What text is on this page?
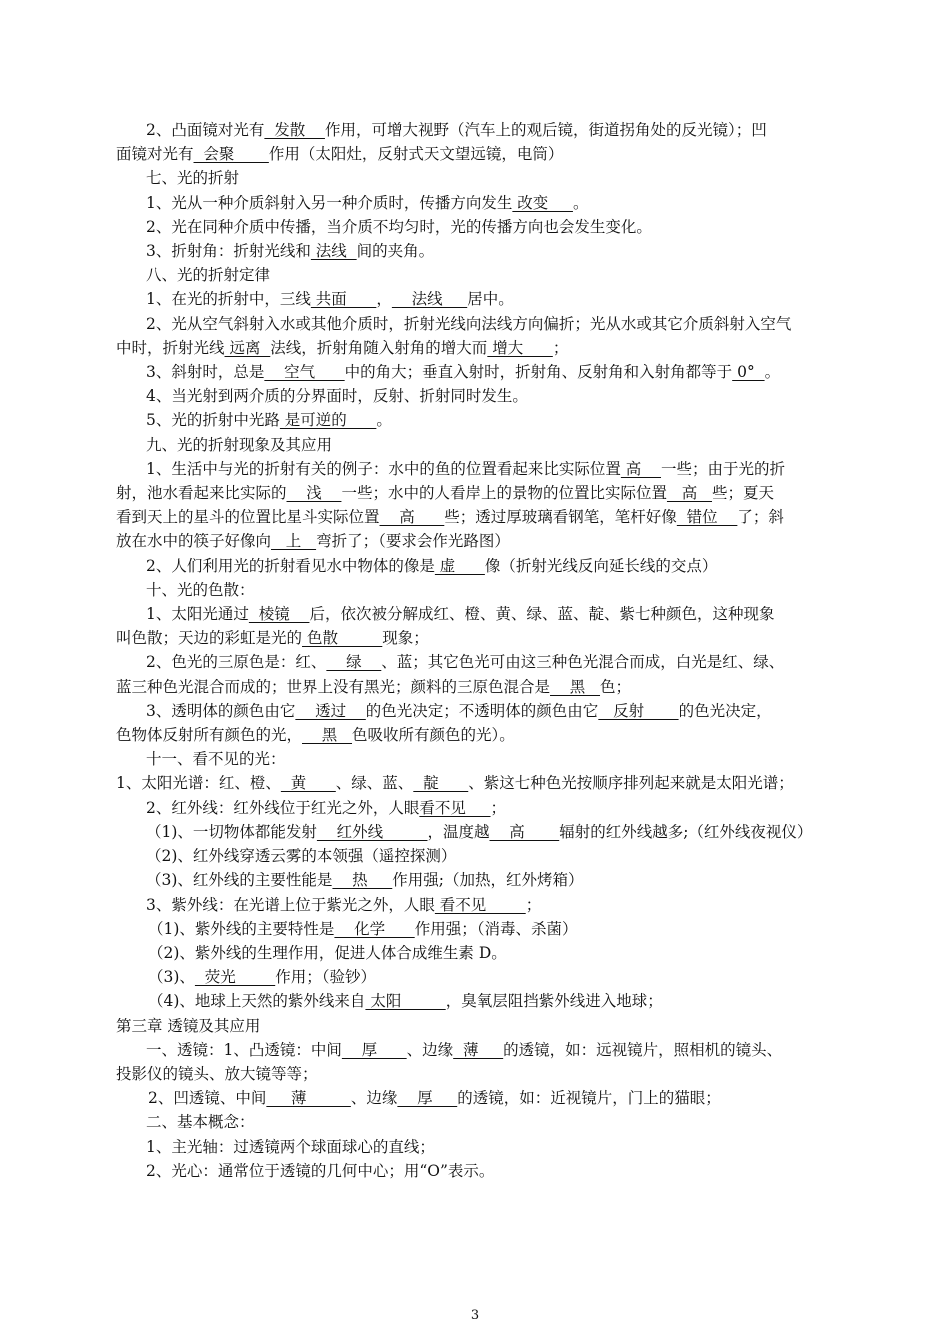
2、凸面镜对光有  发散    作用，可增大视野（汽车上的观后镜，街道拐角处的反光镜）；凹
面镜对光有  会聚       作用（太阳灶，反射式天文望远镜，电筒）
七、光的折射
1、光从一种介质斜射入另一种介质时，传播方向发生 改变     。
2、光在同种介质中传播，当介质不均匀时，光的传播方向也会发生变化。
3、折射角：折射光线和 法线  间的夹角。
八、光的折射定律
1、在光的折射中，三线 共面      ，    法线     居中。
2、光从空气斜射入水或其他介质时，折射光线向法线方向偏折；光从水或其它介质斜射入空气
中时，折射光线 远离  法线，折射角随入射角的增大而 增大      ；
3、斜射时，总是    空气      中的角大；垂直入射时，折射角、反射角和入射角都等于 0°  。
4、当光射到两介质的分界面时，反射、折射同时发生。
5、光的折射中光路 是可逆的      。
九、光的折射现象及其应用
1、生活中与光的折射有关的例子：水中的鱼的位置看起来比实际位置 高    一些；由于光的折
射，池水看起来比实际的    浅    一些；水中的人看岸上的景物的位置比实际位置   高   些；夏天
看到天上的星斗的位置比星斗实际位置    高      些；透过厚玻璃看钢笔，笔杆好像  错位    了；斜
放在水中的筷子好像向   上   弯折了；（要求会作光路图）
2、人们利用光的折射看见水中物体的像是 虚      像（折射光线反向延长线的交点）
十、光的色散：
1、太阳光通过  棱镜    后，依次被分解成红、橙、黄、绿、蓝、靛、紫七种颜色，这种现象
叫色散；天边的彩虹是光的 色散         现象；
2、色光的三原色是：红、    绿    、蓝；其它色光可由这三种色光混合而成，白光是红、绿、
蓝三种色光混合而成的；世界上没有黑光；颜料的三原色混合是    黑   色；
3、透明体的颜色由它    透过    的色光决定；不透明体的颜色由它   反射       的色光决定，
色物体反射所有颜色的光，    黑   色吸收所有颜色的光）。
十一、看不见的光：
1、太阳光谱：红、橙、  黄      、绿、蓝、  靛      、紫这七种色光按顺序排列起来就是太阳光谱；
2、红外线：红外线位于红光之外，人眼看不见     ；
（1)、一切物体都能发射    红外线         ，温度越    高       辐射的红外线越多;（红外线夜视仪）
（2)、红外线穿透云雾的本领强（遥控探测）
（3)、红外线的主要性能是    热     作用强;（加热，红外烤箱）
3、紫外线：在光谱上位于紫光之外，人眼 看不见        ；
（1)、紫外线的主要特性是    化学      作用强；（消毒、杀菌）
（2)、紫外线的生理作用，促进人体合成维生素 D。
（3)、  荧光        作用；（验钞）
（4)、地球上天然的紫外线来自 太阳         ，臭氧层阻挡紫外线进入地球；
第三章 透镜及其应用
一、透镜：1、凸透镜：中间    厚      、边缘  薄     的透镜，如：远视镜片，照相机的镜头、
投影仪的镜头、放大镜等等；
2、凹透镜、中间     薄         、边缘    厚     的透镜，如：近视镜片，门上的猫眼；
二、基本概念：
1、主光轴：过透镜两个球面球心的直线；
2、光心：通常位于透镜的几何中心；用“O”表示。
3
